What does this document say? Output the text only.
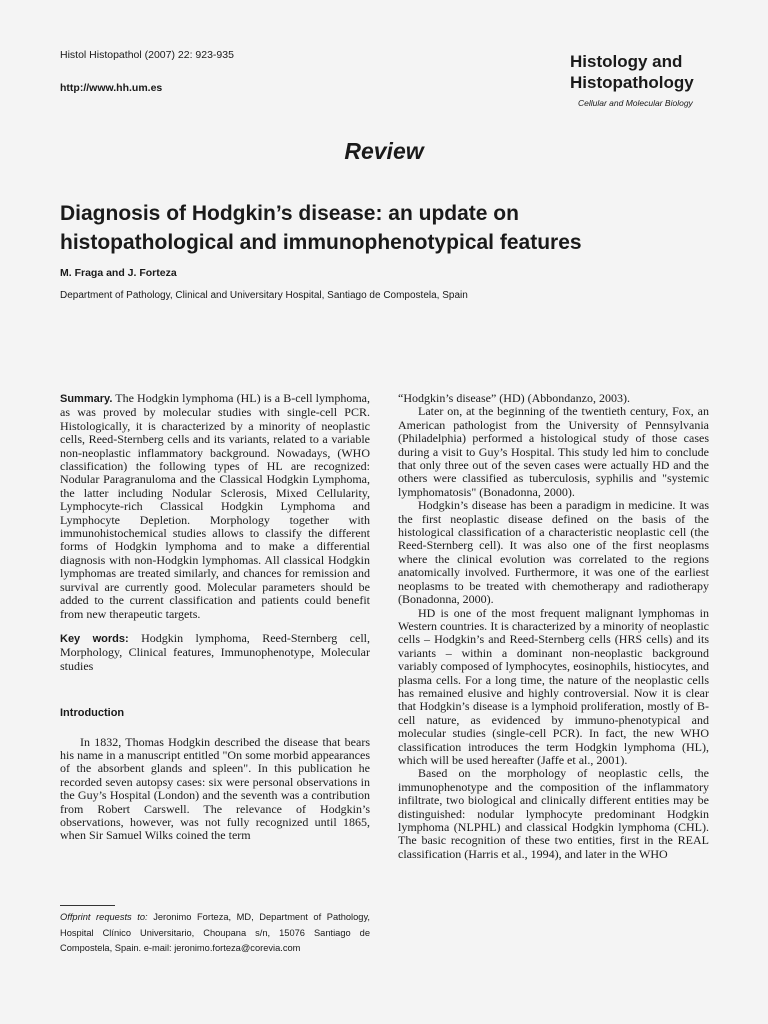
Histol Histopathol (2007) 22: 923-935
http://www.hh.um.es
Histology and
Histopathology
Cellular and Molecular Biology
Review
Diagnosis of Hodgkin’s disease: an update on
histopathological and immunophenotypical features
M. Fraga and J. Forteza
Department of Pathology, Clinical and Universitary Hospital, Santiago de Compostela, Spain

Summary. The Hodgkin lymphoma (HL) is a B-cell lymphoma, as was proved by molecular studies with single-cell PCR. Histologically, it is characterized by a minority of neoplastic cells, Reed-Sternberg cells and its variants, related to a variable non-neoplastic inflammatory background. Nowadays, (WHO classification) the following types of HL are recognized: Nodular Paragranuloma and the Classical Hodgkin Lymphoma, the latter including Nodular Sclerosis, Mixed Cellularity, Lymphocyte-rich Classical Hodgkin Lymphoma and Lymphocyte Depletion. Morphology together with immunohistochemical studies allows to classify the different forms of Hodgkin lymphoma and to make a differential diagnosis with non-Hodgkin lymphomas. All classical Hodgkin lymphomas are treated similarly, and chances for remission and survival are currently good. Molecular parameters should be added to the current classification and patients could benefit from new therapeutic targets.

Key words: Hodgkin lymphoma, Reed-Sternberg cell, Morphology, Clinical features, Immunophenotype, Molecular studies

Introduction

In 1832, Thomas Hodgkin described the disease that bears his name in a manuscript entitled "On some morbid appearances of the absorbent glands and spleen". In this publication he recorded seven autopsy cases: six were personal observations in the Guy’s Hospital (London) and the seventh was a contribution from Robert Carswell. The relevance of Hodgkin’s observations, however, was not fully recognized until 1865, when Sir Samuel Wilks coined the term

Offprint requests to: Jeronimo Forteza, MD, Department of Pathology, Hospital Clínico Universitario, Choupana s/n, 15076 Santiago de Compostela, Spain. e-mail: jeronimo.forteza@corevia.com

“Hodgkin’s disease” (HD) (Abbondanzo, 2003).

Later on, at the beginning of the twentieth century, Fox, an American pathologist from the University of Pennsylvania (Philadelphia) performed a histological study of those cases during a visit to Guy’s Hospital. This study led him to conclude that only three out of the seven cases were actually HD and the others were classified as tuberculosis, syphilis and "systemic lymphomatosis" (Bonadonna, 2000).

Hodgkin’s disease has been a paradigm in medicine. It was the first neoplastic disease defined on the basis of the histological classification of a characteristic neoplastic cell (the Reed-Sternberg cell). It was also one of the first neoplasms where the clinical evolution was correlated to the regions anatomically involved. Furthermore, it was one of the earliest neoplasms to be treated with chemotherapy and radiotherapy (Bonadonna, 2000).

HD is one of the most frequent malignant lymphomas in Western countries. It is characterized by a minority of neoplastic cells – Hodgkin’s and Reed-Sternberg cells (HRS cells) and its variants – within a dominant non-neoplastic background variably composed of lymphocytes, eosinophils, histiocytes, and plasma cells. For a long time, the nature of the neoplastic cells has remained elusive and highly controversial. Now it is clear that Hodgkin’s disease is a lymphoid proliferation, mostly of B-cell nature, as evidenced by immuno-phenotypical and molecular studies (single-cell PCR). In fact, the new WHO classification introduces the term Hodgkin lymphoma (HL), which will be used hereafter (Jaffe et al., 2001).

Based on the morphology of neoplastic cells, the immunophenotype and the composition of the inflammatory infiltrate, two biological and clinically different entities may be distinguished: nodular lymphocyte predominant Hodgkin lymphoma (NLPHL) and classical Hodgkin lymphoma (CHL). The basic recognition of these two entities, first in the REAL classification (Harris et al., 1994), and later in the WHO
